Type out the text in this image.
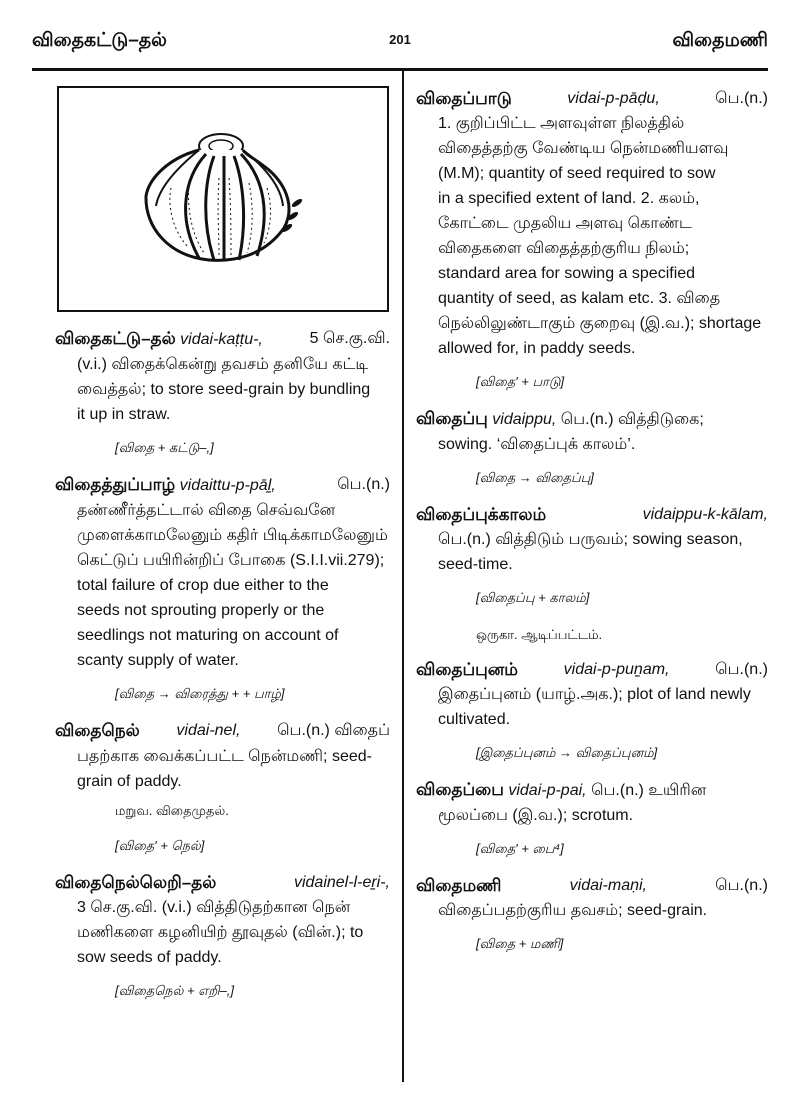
விதைகட்டு–தல்	201	விதைமணி
விதைகட்டு–தல் vidai-kaṭṭu-,	5 செ.கு.வி.
(v.i.) விதைக்கென்று தவசம் தனியே கட்டி
வைத்தல்; to store seed-grain by bundling
it up in straw.
[விதை + கட்டு–,]
விதைத்துப்பாழ் vidaittu-p-pāḻ,	பெ.(n.)
தண்ணீர்த்தட்டால் விதை செவ்வனே
முளைக்காமலேனும் கதிர் பிடிக்காமலேனும்
கெட்டுப் பயிரின்றிப் போகை (S.I.I.vii.279);
total failure of crop due either to the
seeds not sprouting properly or the
seedlings not maturing on account of
scanty supply of water.
[விதை → விரைத்து + + பாழ்]
விதைநெல் vidai-nel, பெ.(n.) விதைப்
பதற்காக வைக்கப்பட்ட நென்மணி; seed-
grain of paddy.
மறுவ. விதைமுதல்.
[விதை' + நெல்]
விதைநெல்லெறி–தல்	vidainel-l-eṟi-,
3 செ.கு.வி. (v.i.) வித்திடுதற்கான நென்
மணிகளை கழனியிற் தூவுதல் (வின்.); to
sow seeds of paddy.
[விதைநெல் + எறி–,]
விதைப்பாடு	vidai-p-pāḍu,	பெ.(n.)
1. குறிப்பிட்ட அளவுள்ள நிலத்தில்
விதைத்தற்கு வேண்டிய நென்மணியளவு
(M.M); quantity of seed required to sow
in a specified extent of land. 2. கலம்,
கோட்டை முதலிய அளவு கொண்ட
விதைகளை விதைத்தற்குரிய நிலம்;
standard area for sowing a specified
quantity of seed, as kalam etc. 3. விதை
நெல்லிலுண்டாகும் குறைவு (இ.வ.); shortage
allowed for, in paddy seeds.
[விதை' + பாடு]
விதைப்பு vidaippu, பெ.(n.) வித்திடுகை;
sowing. ‘விதைப்புக் காலம்’.
[விதை → விதைப்பு]
விதைப்புக்காலம்	vidaippu-k-kālam,
பெ.(n.) வித்திடும் பருவம்; sowing season,
seed-time.
[விதைப்பு + காலம்]
ஒருகா. ஆடிப்பட்டம்.
விதைப்புனம்	vidai-p-puṉam,	பெ.(n.)
இதைப்புனம் (யாழ்.அக.); plot of land newly
cultivated.
[இதைப்புனம் → விதைப்புனம்]
விதைப்பை vidai-p-pai, பெ.(n.) உயிரின
மூலப்பை (இ.வ.); scrotum.
[விதை' + பை⁴]
விதைமணி	vidai-maṇi,	பெ.(n.)
விதைப்பதற்குரிய தவசம்; seed-grain.
[விதை + மணி]
